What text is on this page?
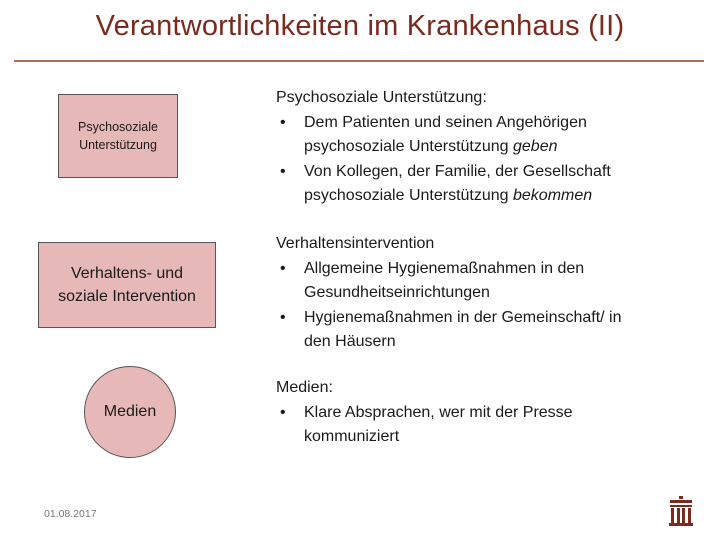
Verantwortlichkeiten im Krankenhaus (II)
Psychosoziale
Unterstützung
Verhaltens- und
soziale Intervention
Medien
Psychosoziale Unterstützung:
• Dem Patienten und seinen Angehörigen
psychosoziale Unterstützung geben
• Von Kollegen, der Familie, der Gesellschaft
psychosoziale Unterstützung bekommen
Verhaltensintervention
• Allgemeine Hygienemaßnahmen in den
Gesundheitseinrichtungen
• Hygienemaßnahmen in der Gemeinschaft/ in
den Häusern
Medien:
• Klare Absprachen, wer mit der Presse
kommuniziert
01.08.2017
